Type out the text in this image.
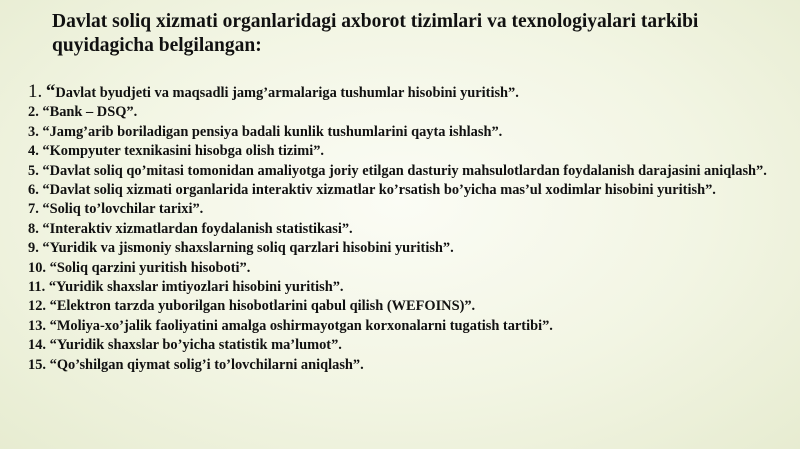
Davlat soliq xizmati organlaridagi axborot tizimlari va texnologiyalari tarkibi quyidagicha belgilangan:
1. “Davlat byudjeti va maqsadli jamg’armalariga tushumlar hisobini yuritish”.
2. “Bank – DSQ”.
3. “Jamg’arib boriladigan pensiya badali kunlik tushumlarini qayta ishlash”.
4. “Kompyuter texnikasini hisobga olish tizimi”.
5. “Davlat soliq qo’mitasi tomonidan amaliyotga joriy etilgan dasturiy mahsulotlardan foydalanish darajasini aniqlash”.
6. “Davlat soliq xizmati organlarida interaktiv xizmatlar ko’rsatish bo’yicha mas’ul xodimlar hisobini yuritish”.
7. “Soliq to’lovchilar tarixi”.
8. “Interaktiv xizmatlardan foydalanish statistikasi”.
9. “Yuridik va jismoniy shaxslarning soliq qarzlari hisobini yuritish”.
10. “Soliq qarzini yuritish hisoboti”.
11. “Yuridik shaxslar imtiyozlari hisobini yuritish”.
12. “Elektron tarzda yuborilgan hisobotlarini qabul qilish (WEFOINS)”.
13. “Moliya-xo’jalik faoliyatini amalga oshirmayotgan korxonalarni tugatish tartibi”.
14. “Yuridik shaxslar bo’yicha statistik ma’lumot”.
15. “Qo’shilgan qiymat solig’i to’lovchilarni aniqlash”.
